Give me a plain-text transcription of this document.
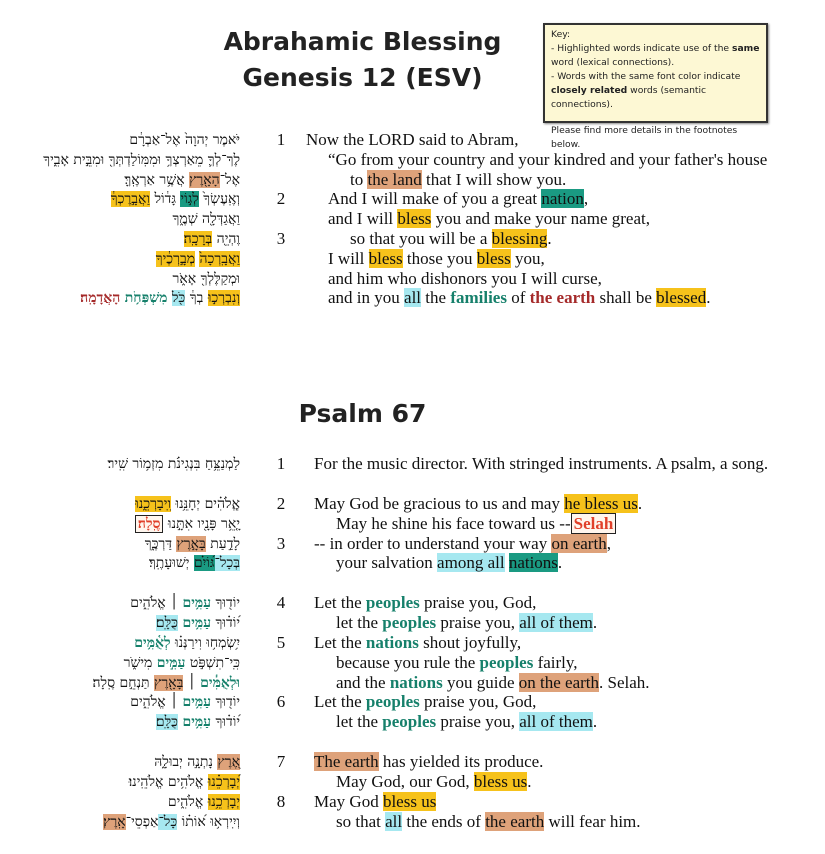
Abrahamic Blessing
Genesis 12 (ESV)

Key:

- Highlighted words indicate use of the same word (lexical connections).

- Words with the same font color indicate closely related words (semantic connections).

Please find more details in the footnotes below.

יֹּאמֶר יְהוָה֙ אֶל־אַבְרָ֔ם 1 Now the LORD said to Abram,
לֶךְ־לְךָ֛ מֵאַרְצְךָ֥ וּמִמּֽוֹלַדְתְּךָ֖ וּמִבֵּ֣ית אָבִ֑יךָ	“Go from your country and your kindred and your father's house
אֶל־הָאָ֖רֶץ אֲשֶׁ֥ר אַרְאֶֽךָּ׃	to the land that I will show you.
וְאֶֽעֶשְׂךָ֙ לְג֣וֹי גָּד֔וֹל וַאֲבָ֣רֶכְךָ֔	2	And I will make of you a great nation,
וַאֲגַדְּלָ֖ה שְׁמֶ֑ךָ	and I will bless you and make your name great,
וֶהְיֵ֖ה בְּרָכָֽה׃	3	so that you will be a blessing.
וַאֲבָֽרְכָה֙ מְבָ֣רְכֶ֔יךָ	I will bless those you bless you,
וּמְקַלֶּלְךָ֖ אָאֹ֑ר	and him who dishonors you I will curse,
וְנִבְרְכ֣וּ בְךָ֔ כֹּ֖ל מִשְׁפְּחֹ֥ת הָאֲדָמָֽה׃	and in you all the families of the earth shall be blessed.
Psalm 67
לַמְנַצֵּ֥חַ בִּנְגִינֹ֗ת מִזְמ֥וֹר שִֽׁיר׃ 1 For the music director. With stringed instruments. A psalm, a song.
אֱֽלֹהִ֗ים יְחָנֵּ֥נוּ וִֽיבָרְכֵ֑נוּ	2 May God be gracious to us and may he bless us.
יָ֤אֵ֥ר פָּנָ֖יו אִתָּ֣נוּ סֶֽלָה׃	May he shine his face toward us -- Selah
לָדַ֣עַת בָּאָ֣רֶץ דַּרְכֶּ֑ךָ	3 -- in order to understand your way on earth,
בְּכָל־גּ֝וֹיִ֗ם יְשׁוּעָתֶֽךָ׃	your salvation among all nations.
יוֹד֖וּךָ עַמִּ֥ים ׀ אֱלֹהִ֑ים	4 Let the peoples praise you, God,
י֝וֹד֗וּךָ עַמִּ֥ים כֻּלָּֽם׃	let the peoples praise you, all of them.
יִ֥שְׂמְח֥וּ וִירַנְּנ֗וּ לְאֻ֫מִּ֥ים	5 Let the nations shout joyfully,
כִּֽי־תִשְׁפֹּ֣ט עַמִּ֣ים מִישֹׁ֑ר	because you rule the peoples fairly,
וּלְאֻמִּ֓ים ׀ בָּאָ֖רֶץ תַּנְחֵ֣ם סֶֽלָה׃	and the nations you guide on the earth. Selah.
יוֹד֖וּךָ עַמִּ֥ים ׀ אֱלֹהִ֑ים	6 Let the peoples praise you, God,
י֝וֹד֗וּךָ עַמִּ֥ים כֻּלָּֽם׃	let the peoples praise you, all of them.
אֶ֭רֶץ נָתְנָ֣ה יְבוּלָ֑הּ	7 The earth has yielded its produce.
יְ֝בָרְכֵ֗נוּ אֱלֹהִ֥ים אֱלֹהֵֽינוּ׃	May God, our God, bless us.
יְבָרְכֵ֥נוּ אֱלֹהִ֑ים	8 May God bless us
וְיִֽירְא֥וּ א֝וֹת֗וֹ כָּל־אַפְסֵי־אָֽרֶץ׃	so that all the ends of the earth will fear him.
